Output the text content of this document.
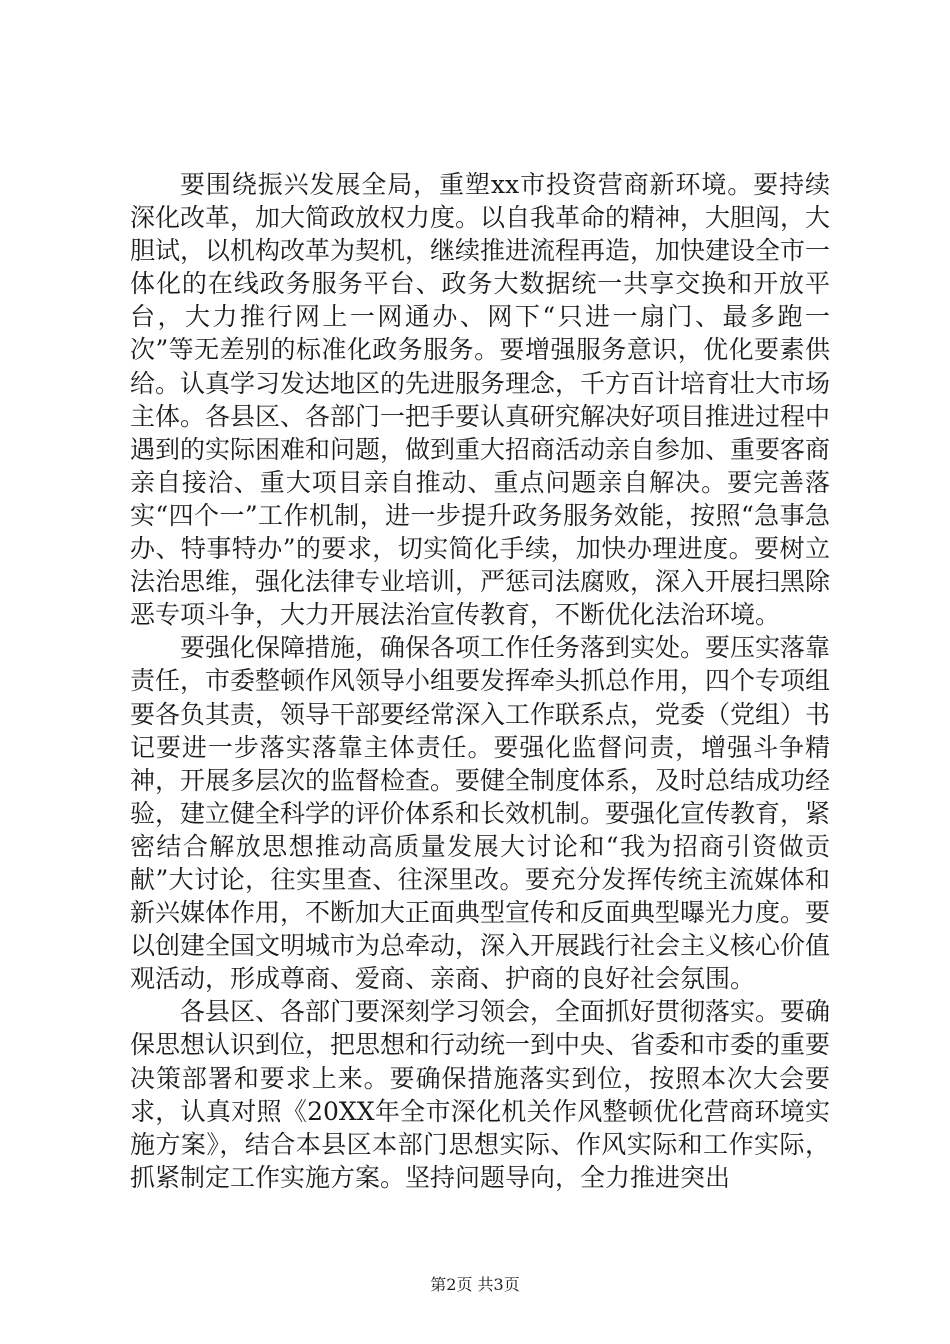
要围绕振兴发展全局，重塑xx市投资营商新环境。要持续深化改革，加大简政放权力度。以自我革命的精神，大胆闯，大胆试，以机构改革为契机，继续推进流程再造，加快建设全市一体化的在线政务服务平台、政务大数据统一共享交换和开放平台，大力推行网上一网通办、网下“只进一扇门、最多跑一次”等无差别的标准化政务服务。要增强服务意识，优化要素供给。认真学习发达地区的先进服务理念，千方百计培育壮大市场主体。各县区、各部门一把手要认真研究解决好项目推进过程中遇到的实际困难和问题，做到重大招商活动亲自参加、重要客商亲自接洽、重大项目亲自推动、重点问题亲自解决。要完善落实“四个一”工作机制，进一步提升政务服务效能，按照“急事急办、特事特办”的要求，切实简化手续，加快办理进度。要树立法治思维，强化法律专业培训，严惩司法腐败，深入开展扫黑除恶专项斗争，大力开展法治宣传教育，不断优化法治环境。

要强化保障措施，确保各项工作任务落到实处。要压实落靠责任，市委整顿作风领导小组要发挥牵头抓总作用，四个专项组要各负其责，领导干部要经常深入工作联系点，党委（党组）书记要进一步落实落靠主体责任。要强化监督问责，增强斗争精神，开展多层次的监督检查。要健全制度体系，及时总结成功经验，建立健全科学的评价体系和长效机制。要强化宣传教育，紧密结合解放思想推动高质量发展大讨论和“我为招商引资做贡献”大讨论，往实里查、往深里改。要充分发挥传统主流媒体和新兴媒体作用，不断加大正面典型宣传和反面典型曝光力度。要以创建全国文明城市为总牵动，深入开展践行社会主义核心价值观活动，形成尊商、爱商、亲商、护商的良好社会氛围。

各县区、各部门要深刻学习领会，全面抓好贯彻落实。要确保思想认识到位，把思想和行动统一到中央、省委和市委的重要决策部署和要求上来。要确保措施落实到位，按照本次大会要求，认真对照《20XX年全市深化机关作风整顿优化营商环境实施方案》，结合本县区本部门思想实际、作风实际和工作实际，抓紧制定工作实施方案。坚持问题导向，全力推进突出

第2页 共3页
